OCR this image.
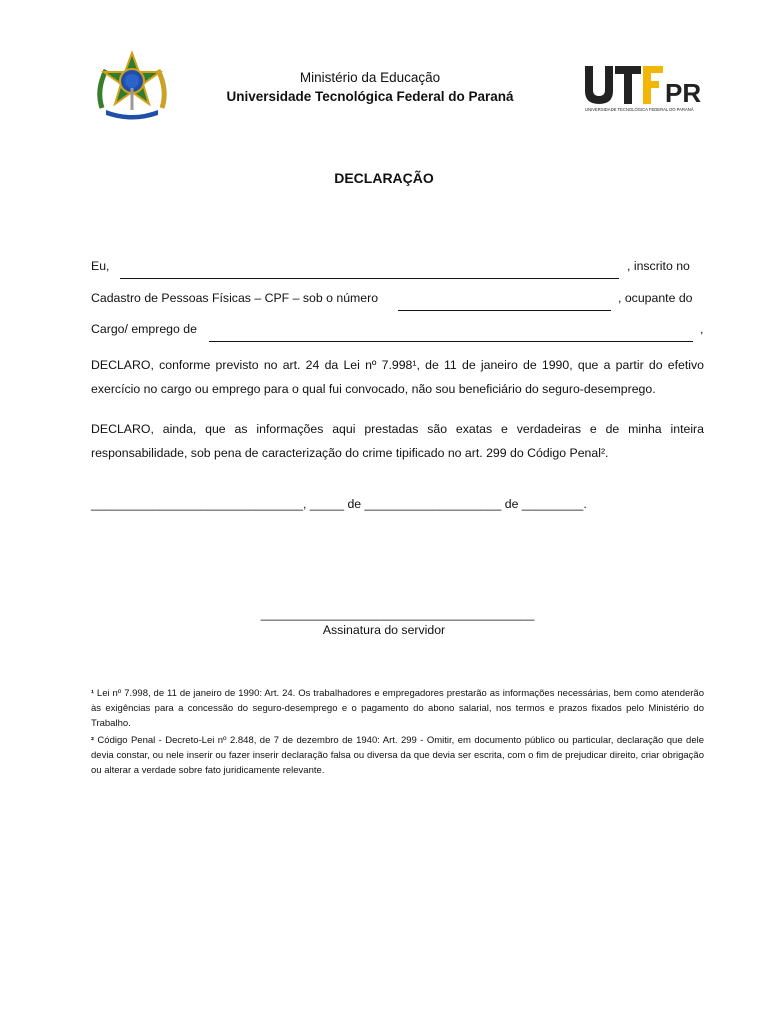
Ministério da Educação
Universidade Tecnológica Federal do Paraná	PR
UNIVERSIDADE TECNOLÓGICA FEDERAL DO PARANÁ
DECLARAÇÃO
Eu,	, inscrito no
Cadastro de Pessoas Físicas – CPF – sob o número	, ocupante do
Cargo/ emprego de	,
DECLARO, conforme previsto no art. 24 da Lei nº 7.998¹, de 11 de janeiro de 1990, que a partir do efetivo exercício no cargo ou emprego para o qual fui convocado, não sou beneficiário do seguro-desemprego.
DECLARO, ainda, que as informações aqui prestadas são exatas e verdadeiras e de minha inteira responsabilidade, sob pena de caracterização do crime tipificado no art. 299 do Código Penal².
_______________________________, _____ de ____________________ de _________.
________________________________________
Assinatura do servidor

¹ Lei nº 7.998, de 11 de janeiro de 1990: Art. 24. Os trabalhadores e empregadores prestarão as informações necessárias, bem como atenderão às exigências para a concessão do seguro-desemprego e o pagamento do abono salarial, nos termos e prazos fixados pelo Ministério do Trabalho.

² Código Penal - Decreto-Lei nº 2.848, de 7 de dezembro de 1940: Art. 299 - Omitir, em documento público ou particular, declaração que dele devia constar, ou nele inserir ou fazer inserir declaração falsa ou diversa da que devia ser escrita, com o fim de prejudicar direito, criar obrigação ou alterar a verdade sobre fato juridicamente relevante.
